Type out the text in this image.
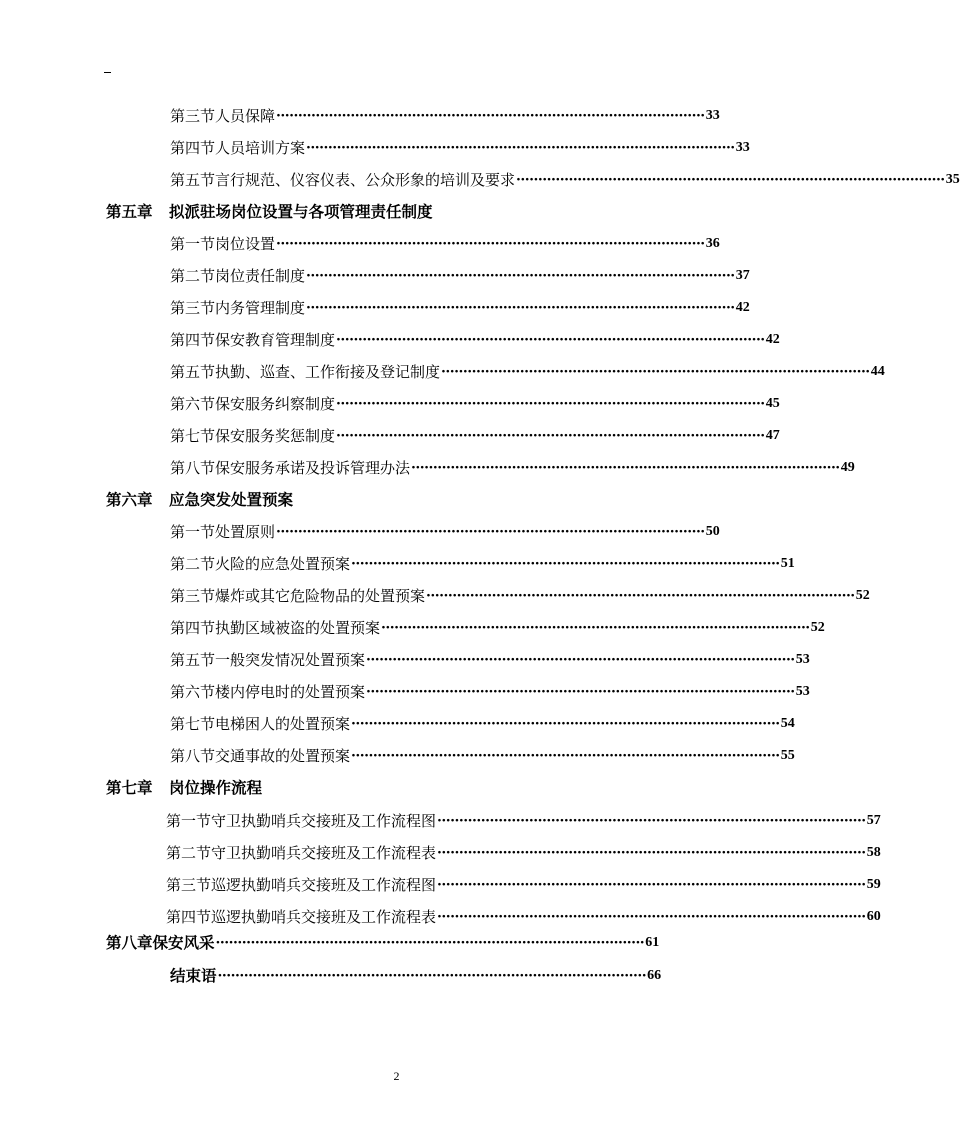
第三节 人员保障 ·································································································· 33
第四节 人员培训方案 ·································································································· 33
第五节 言行规范、仪容仪表、公众形象的培训及要求 ·································································································· 35
第五章	拟派驻场岗位设置与各项管理责任制度
第一节 岗位设置 ·································································································· 36
第二节 岗位责任制度 ·································································································· 37
第三节 内务管理制度 ·································································································· 42
第四节 保安教育管理制度 ·································································································· 42
第五节 执勤、巡查、工作衔接及登记制度 ·································································································· 44
第六节 保安服务纠察制度 ·································································································· 45
第七节 保安服务奖惩制度 ·································································································· 47
第八节 保安服务承诺及投诉管理办法 ·································································································· 49
第六章	应急突发处置预案
第一节 处置原则 ·································································································· 50
第二节 火险的应急处置预案 ·································································································· 51
第三节 爆炸或其它危险物品的处置预案 ·································································································· 52
第四节 执勤区域被盗的处置预案 ·································································································· 52
第五节 一般突发情况处置预案 ·································································································· 53
第六节 楼内停电时的处置预案 ·································································································· 53
第七节 电梯困人的处置预案 ·································································································· 54
第八节 交通事故的处置预案 ·································································································· 55
第七章	岗位操作流程
第一节 守卫执勤哨兵交接班及工作流程图 ·································································································· 57
第二节 守卫执勤哨兵交接班及工作流程表 ·································································································· 58
第三节 巡逻执勤哨兵交接班及工作流程图 ·································································································· 59
第四节 巡逻执勤哨兵交接班及工作流程表 ·································································································· 60
第八章 保安风采 ·································································································· 61
结束语 ·································································································· 66
2
